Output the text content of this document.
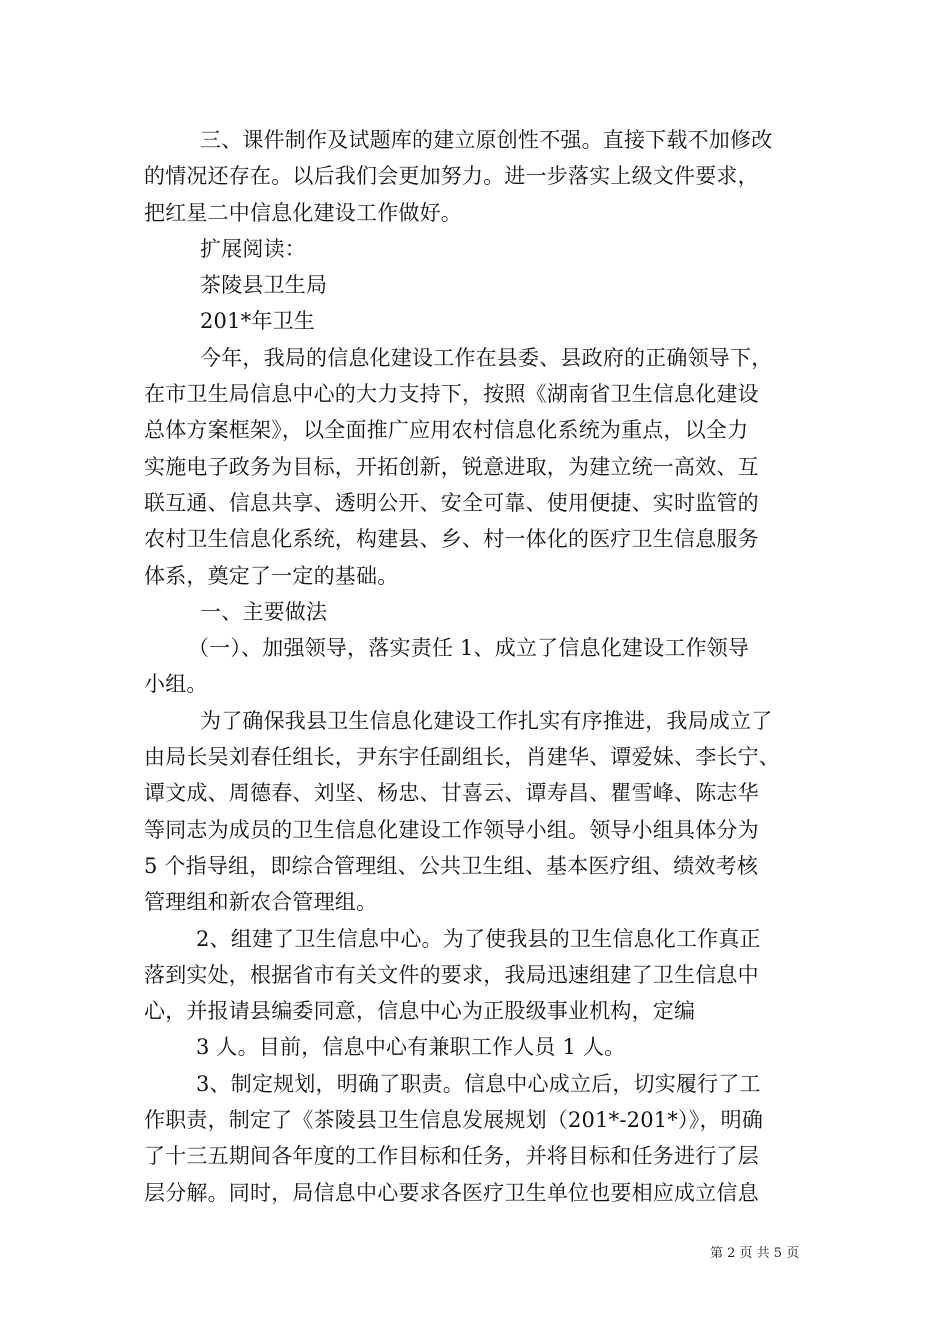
三、课件制作及试题库的建立原创性不强。直接下载不加修改
的情况还存在。以后我们会更加努力。进一步落实上级文件要求，
把红星二中信息化建设工作做好。
扩展阅读：
茶陵县卫生局
201*年卫生
今年，我局的信息化建设工作在县委、县政府的正确领导下，
在市卫生局信息中心的大力支持下，按照《湖南省卫生信息化建设
总体方案框架》，以全面推广应用农村信息化系统为重点，以全力
实施电子政务为目标，开拓创新，锐意进取，为建立统一高效、互
联互通、信息共享、透明公开、安全可靠、使用便捷、实时监管的
农村卫生信息化系统，构建县、乡、村一体化的医疗卫生信息服务
体系，奠定了一定的基础。
一、主要做法
（一）、加强领导，落实责任 1、成立了信息化建设工作领导
小组。
为了确保我县卫生信息化建设工作扎实有序推进，我局成立了
由局长吴刘春任组长，尹东宇任副组长，肖建华、谭爱妹、李长宁、
谭文成、周德春、刘坚、杨忠、甘喜云、谭寿昌、瞿雪峰、陈志华
等同志为成员的卫生信息化建设工作领导小组。领导小组具体分为
5 个指导组，即综合管理组、公共卫生组、基本医疗组、绩效考核
管理组和新农合管理组。
2、组建了卫生信息中心。为了使我县的卫生信息化工作真正
落到实处，根据省市有关文件的要求，我局迅速组建了卫生信息中
心，并报请县编委同意，信息中心为正股级事业机构，定编
3 人。目前，信息中心有兼职工作人员 1 人。
3、制定规划，明确了职责。信息中心成立后，切实履行了工
作职责，制定了《茶陵县卫生信息发展规划（201*-201*）》，明确
了十三五期间各年度的工作目标和任务，并将目标和任务进行了层
层分解。同时，局信息中心要求各医疗卫生单位也要相应成立信息
第 2 页 共 5 页
